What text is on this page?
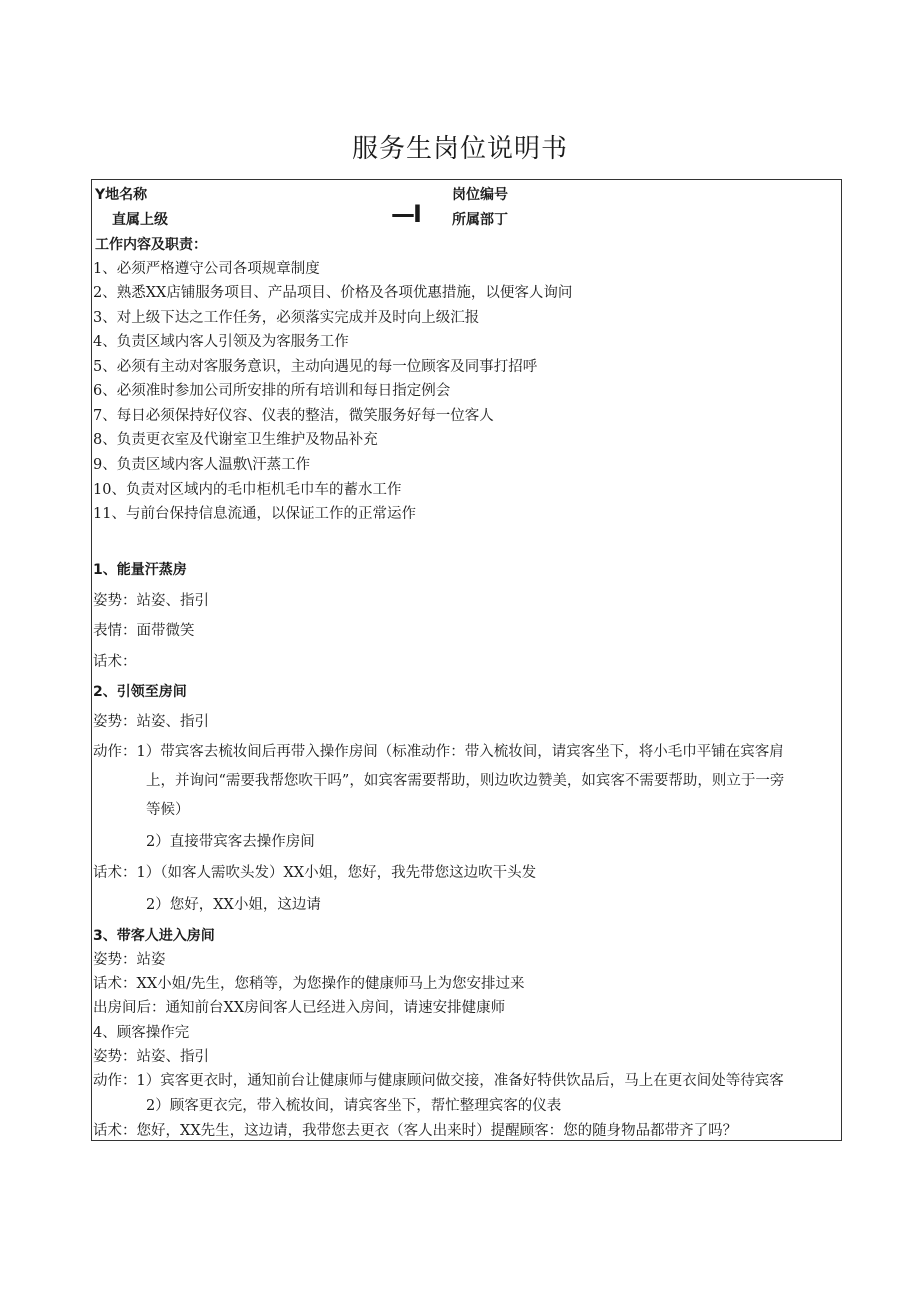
服务生岗位说明书
Y地名称
直属上级	—I
岗位编号
所属部丁
工作内容及职责：
1、必须严格遵守公司各项规章制度
2、熟悉XX店铺服务项目、产品项目、价格及各项优惠措施，以便客人询问
3、对上级下达之工作任务，必须落实完成并及时向上级汇报
4、负责区域内客人引领及为客服务工作
5、必须有主动对客服务意识，主动向遇见的每一位顾客及同事打招呼
6、必须准时参加公司所安排的所有培训和每日指定例会
7、每日必须保持好仪容、仪表的整洁，微笑服务好每一位客人
8、负责更衣室及代谢室卫生维护及物品补充
9、负责区域内客人温敷\汗蒸工作
10、负责对区域内的毛巾柜机毛巾车的蓄水工作
11、与前台保持信息流通，以保证工作的正常运作
1、能量汗蒸房
姿势：站姿、指引
表情：面带微笑
话术：
2、引领至房间
姿势：站姿、指引
动作：1）带宾客去梳妆间后再带入操作房间（标准动作：带入梳妆间，请宾客坐下，将小毛巾平铺在宾客肩
上，并询问“需要我帮您吹干吗”，如宾客需要帮助，则边吹边赞美，如宾客不需要帮助，则立于一旁
等候）
2）直接带宾客去操作房间
话术：1）（如客人需吹头发）XX小姐，您好，我先带您这边吹干头发
2）您好，XX小姐，这边请
3、带客人进入房间
姿势：站姿
话术：XX小姐/先生，您稍等，为您操作的健康师马上为您安排过来
出房间后：通知前台XX房间客人已经进入房间，请速安排健康师
4、顾客操作完
姿势：站姿、指引
动作：1）宾客更衣时，通知前台让健康师与健康顾问做交接，准备好特供饮品后，马上在更衣间处等待宾客
2）顾客更衣完，带入梳妆间，请宾客坐下，帮忙整理宾客的仪表
话术：您好，XX先生，这边请，我带您去更衣（客人出来时）提醒顾客：您的随身物品都带齐了吗？
